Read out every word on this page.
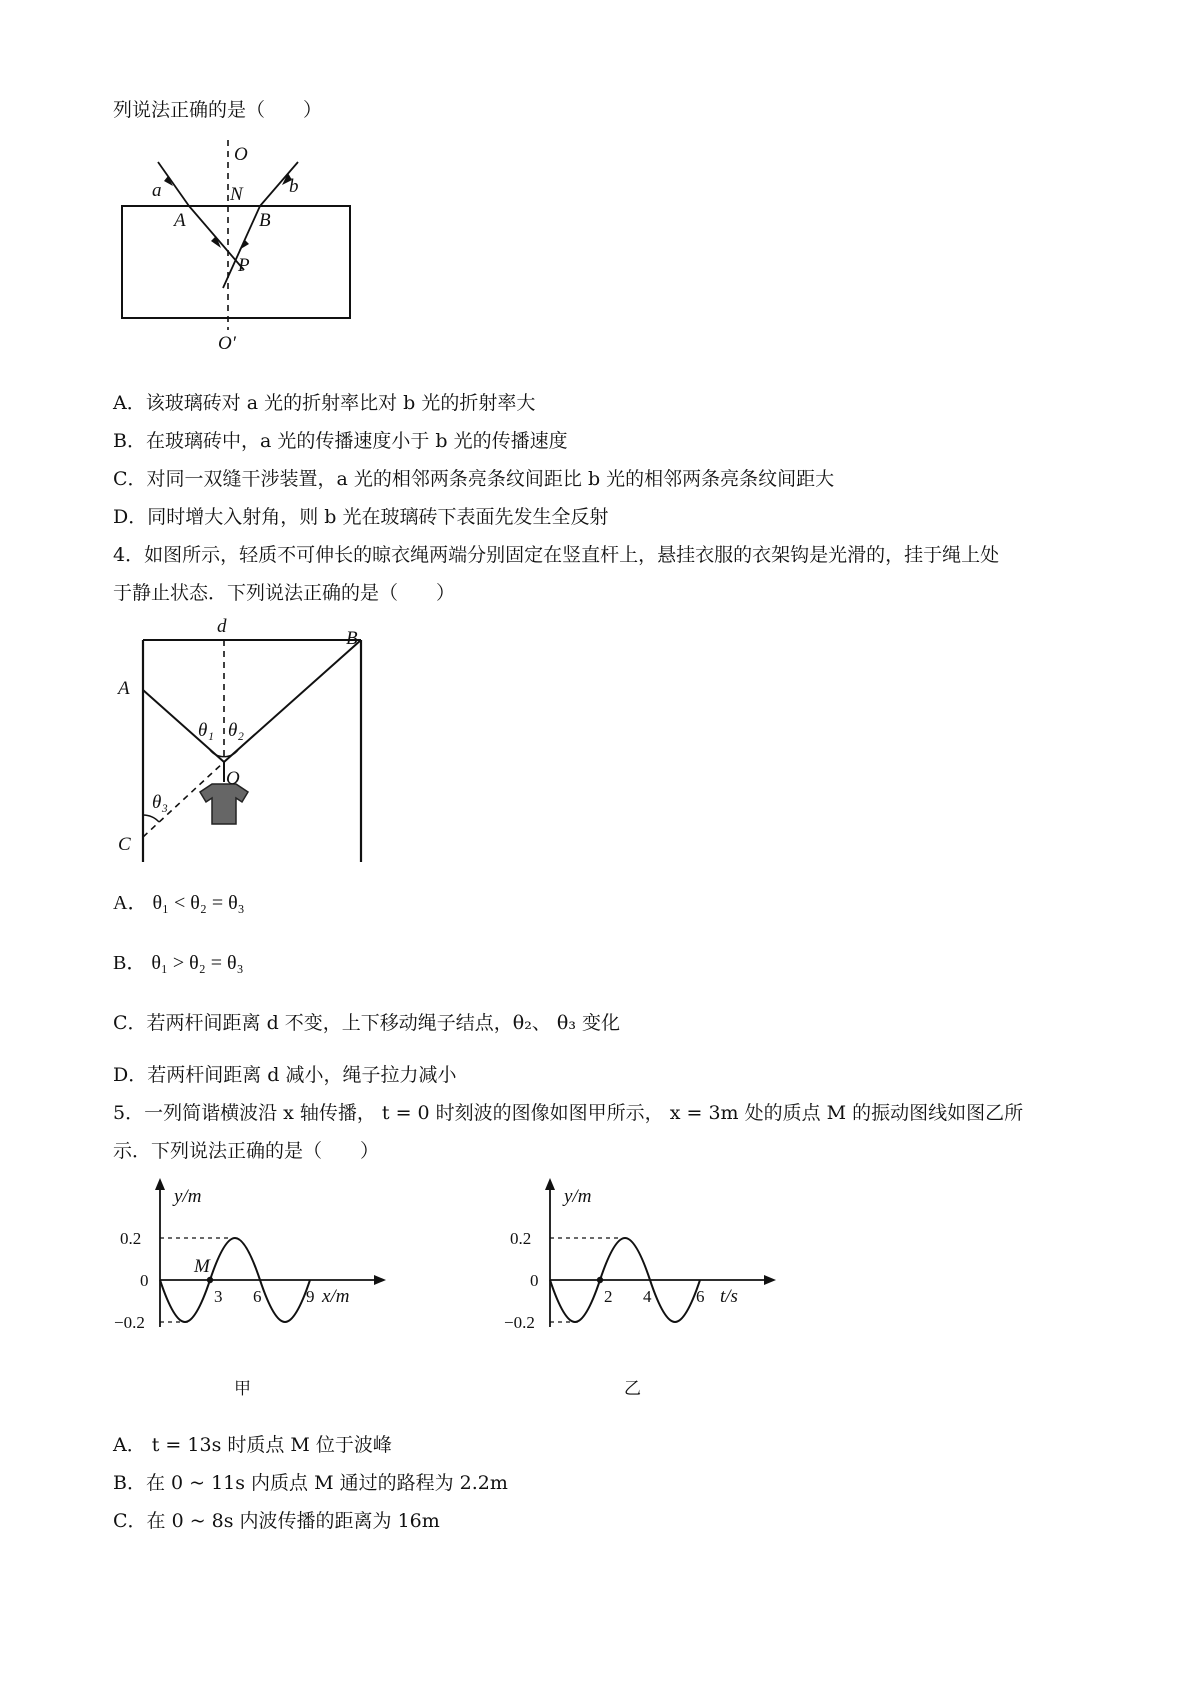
列说法正确的是（　　）
O
N
a	b
A	B
P
O′
A．该玻璃砖对 a 光的折射率比对 b 光的折射率大
B．在玻璃砖中，a 光的传播速度小于 b 光的传播速度
C．对同一双缝干涉装置，a 光的相邻两条亮条纹间距比 b 光的相邻两条亮条纹间距大
D．同时增大入射角，则 b 光在玻璃砖下表面先发生全反射
4．如图所示，轻质不可伸长的晾衣绳两端分别固定在竖直杆上，悬挂衣服的衣架钩是光滑的，挂于绳上处
于静止状态．下列说法正确的是（　　）
d
B
A
C
O
θ₁ θ₂
θ₃
A． θ₁ < θ₂ = θ₃
B． θ₁ > θ₂ = θ₃
C．若两杆间距离 d 不变，上下移动绳子结点，θ₂、 θ₃ 变化
D．若两杆间距离 d 减小，绳子拉力减小
5．一列简谐横波沿 x 轴传播， t = 0 时刻波的图像如图甲所示， x = 3m 处的质点 M 的振动图线如图乙所
示．下列说法正确的是（　　）
y/m
x/m
0.2
0
−0.2
3 6	9
M
甲
y/m
t/s
0.2
0
−0.2
2 4	6
乙
A． t = 13s 时质点 M 位于波峰
B．在 0 ~ 11s 内质点 M 通过的路程为 2.2m
C．在 0 ~ 8s 内波传播的距离为 16m
